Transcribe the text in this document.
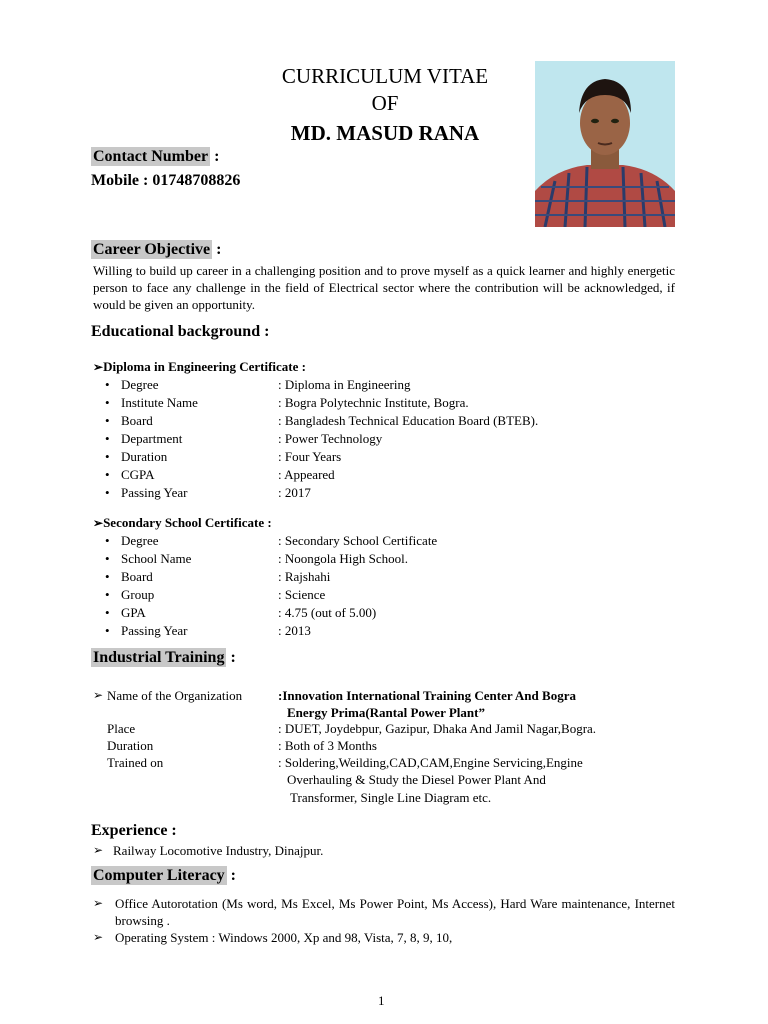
CURRICULUM VITAE
OF
MD. MASUD RANA
Contact Number :
Mobile : 01748708826
Career Objective :
Willing to build up career in a challenging position and to prove myself as a quick learner and highly energetic person to face any challenge in the field of Electrical sector where the contribution will be acknowledged, if would be given an opportunity.
Educational background :
➢Diploma in Engineering Certificate :
• Degree	: Diploma in Engineering
• Institute Name	: Bogra Polytechnic Institute, Bogra.
• Board	: Bangladesh Technical Education Board (BTEB).
• Department	: Power Technology
• Duration	: Four Years
• CGPA	: Appeared
• Passing Year	: 2017
➢Secondary School Certificate :
• Degree	: Secondary School Certificate
• School Name	: Noongola High School.
• Board	: Rajshahi
• Group	: Science
• GPA	: 4.75 (out of 5.00)
• Passing Year	: 2013
Industrial Training :
➢ Name of the Organization	:Innovation International Training Center And Bogra
Energy Prima(Rantal Power Plant”
Place	: DUET, Joydebpur, Gazipur, Dhaka And Jamil Nagar,Bogra.
Duration	: Both of 3 Months
Trained on	: Soldering,Weilding,CAD,CAM,Engine Servicing,Engine
Overhauling & Study the Diesel Power Plant And
Transformer, Single Line Diagram etc.
Experience :
➢ Railway Locomotive Industry, Dinajpur.
Computer Literacy :
➢ Office Autorotation (Ms word, Ms Excel, Ms Power Point, Ms Access), Hard Ware maintenance, Internet browsing .
➢ Operating System : Windows 2000, Xp and 98, Vista, 7, 8, 9, 10,
1
